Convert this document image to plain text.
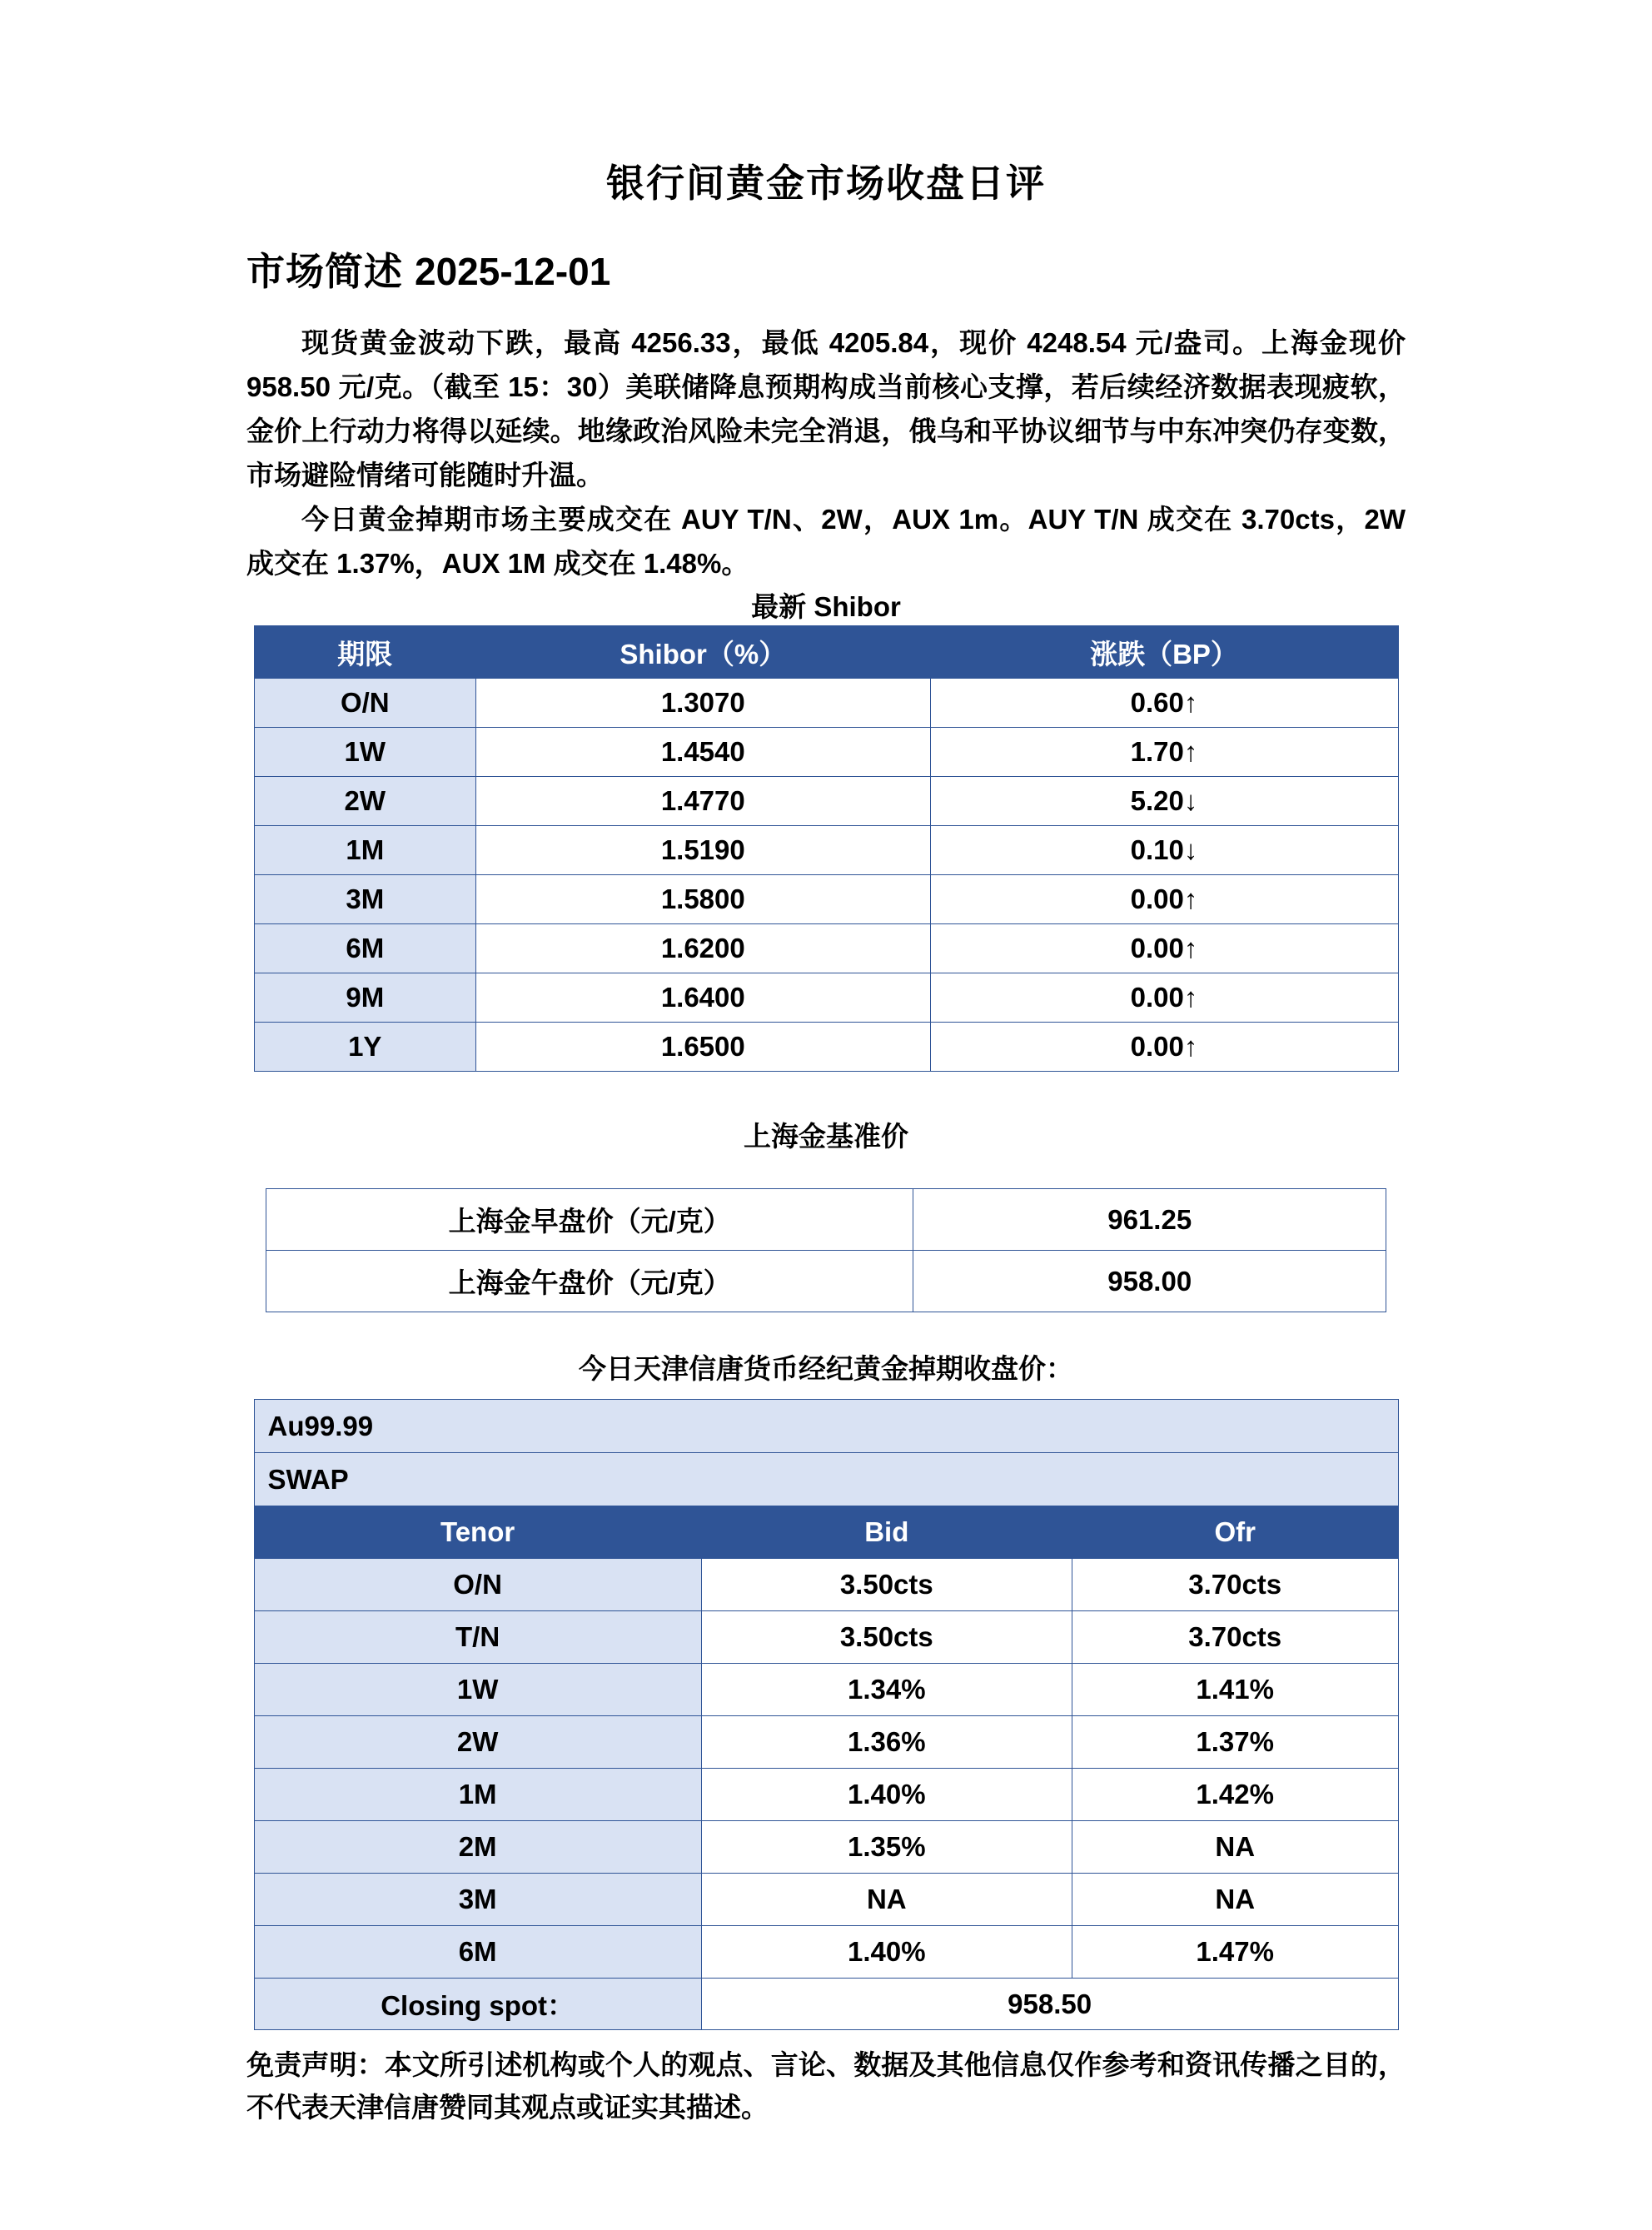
银行间黄金市场收盘日评
市场简述 2025-12-01

现货黄金波动下跌，最高 4256.33，最低 4205.84，现价 4248.54 元/盎司。上海金现价 958.50 元/克。（截至 15：30）美联储降息预期构成当前核心支撑，若后续经济数据表现疲软，金价上行动力将得以延续。地缘政治风险未完全消退，俄乌和平协议细节与中东冲突仍存变数，市场避险情绪可能随时升温。

今日黄金掉期市场主要成交在 AUY T/N、2W，AUX 1m。AUY T/N 成交在 3.70cts，2W 成交在 1.37%，AUX 1M 成交在 1.48%。

最新 Shibor
期限	Shibor（%）	涨跌（BP）
O/N	1.3070	0.60↑
1W	1.4540	1.70↑
2W	1.4770	5.20↓
1M	1.5190	0.10↓
3M	1.5800	0.00↑
6M	1.6200	0.00↑
9M	1.6400	0.00↑
1Y	1.6500	0.00↑
上海金基准价
上海金早盘价（元/克）	961.25
上海金午盘价（元/克）	958.00
今日天津信唐货币经纪黄金掉期收盘价：
Au99.99		
SWAP		
Tenor	Bid	Ofr
O/N	3.50cts	3.70cts
T/N	3.50cts	3.70cts
1W	1.34%	1.41%
2W	1.36%	1.37%
1M	1.40%	1.42%
2M	1.35%	NA
3M	NA	NA
6M	1.40%	1.47%
Closing spot：	958.50	

免责声明：本文所引述机构或个人的观点、言论、数据及其他信息仅作参考和资讯传播之目的，不代表天津信唐赞同其观点或证实其描述。
